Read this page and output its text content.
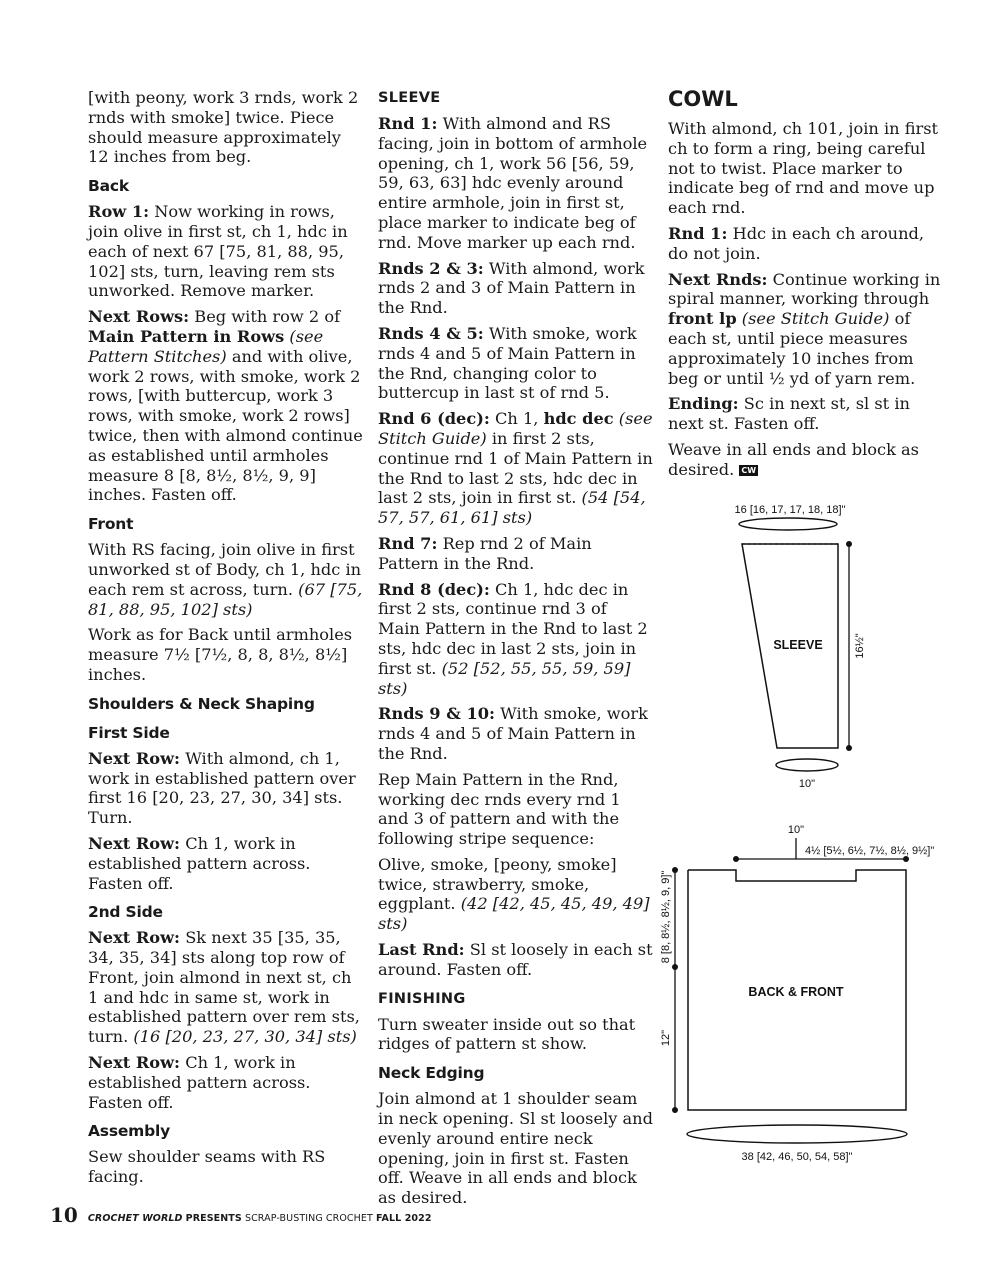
[with peony, work 3 rnds, work 2 rnds with smoke] twice. Piece should measure approximately 12 inches from beg.

Back

Row 1: Now working in rows, join olive in first st, ch 1, hdc in each of next 67 [75, 81, 88, 95, 102] sts, turn, leaving rem sts unworked. Remove marker.

Next Rows: Beg with row 2 of Main Pattern in Rows (see Pattern Stitches) and with olive, work 2 rows, with smoke, work 2 rows, [with buttercup, work 3 rows, with smoke, work 2 rows] twice, then with almond continue as established until armholes measure 8 [8, 8½, 8½, 9, 9] inches. Fasten off.

Front

With RS facing, join olive in first unworked st of Body, ch 1, hdc in each rem st across, turn. (67 [75, 81, 88, 95, 102] sts)

Work as for Back until armholes measure 7½ [7½, 8, 8, 8½, 8½] inches.

Shoulders & Neck Shaping
First Side

Next Row: With almond, ch 1, work in established pattern over first 16 [20, 23, 27, 30, 34] sts. Turn.

Next Row: Ch 1, work in established pattern across. Fasten off.

2nd Side

Next Row: Sk next 35 [35, 35, 34, 35, 34] sts along top row of Front, join almond in next st, ch 1 and hdc in same st, work in established pattern over rem sts, turn. (16 [20, 23, 27, 30, 34] sts)

Next Row: Ch 1, work in established pattern across. Fasten off.

Assembly

Sew shoulder seams with RS facing.

SLEEVE

Rnd 1: With almond and RS facing, join in bottom of armhole opening, ch 1, work 56 [56, 59, 59, 63, 63] hdc evenly around entire armhole, join in first st, place marker to indicate beg of rnd. Move marker up each rnd.

Rnds 2 & 3: With almond, work rnds 2 and 3 of Main Pattern in the Rnd.

Rnds 4 & 5: With smoke, work rnds 4 and 5 of Main Pattern in the Rnd, changing color to buttercup in last st of rnd 5.

Rnd 6 (dec): Ch 1, hdc dec (see Stitch Guide) in first 2 sts, continue rnd 1 of Main Pattern in the Rnd to last 2 sts, hdc dec in last 2 sts, join in first st. (54 [54, 57, 57, 61, 61] sts)

Rnd 7: Rep rnd 2 of Main Pattern in the Rnd.

Rnd 8 (dec): Ch 1, hdc dec in first 2 sts, continue rnd 3 of Main Pattern in the Rnd to last 2 sts, hdc dec in last 2 sts, join in first st. (52 [52, 55, 55, 59, 59] sts)

Rnds 9 & 10: With smoke, work rnds 4 and 5 of Main Pattern in the Rnd.

Rep Main Pattern in the Rnd, working dec rnds every rnd 1 and 3 of pattern and with the following stripe sequence:

Olive, smoke, [peony, smoke] twice, strawberry, smoke, eggplant. (42 [42, 45, 45, 49, 49] sts)

Last Rnd: Sl st loosely in each st around. Fasten off.

FINISHING

Turn sweater inside out so that ridges of pattern st show.

Neck Edging

Join almond at 1 shoulder seam in neck opening. Sl st loosely and evenly around entire neck opening, join in first st. Fasten off. Weave in all ends and block as desired.

COWL

With almond, ch 101, join in first ch to form a ring, being careful not to twist. Place marker to indicate beg of rnd and move up each rnd.

Rnd 1: Hdc in each ch around, do not join.

Next Rnds: Continue working in spiral manner, working through front lp (see Stitch Guide) of each st, until piece measures approximately 10 inches from beg or until ½ yd of yarn rem.

Ending: Sc in next st, sl st in next st. Fasten off.

Weave in all ends and block as desired. CW

16 [16, 17, 17, 18, 18]"
SLEEVE	16½"
10"
10"
4½ [5½, 6½, 7½, 8½, 9½]"
BACK & FRONT
8 [8, 8½, 8½, 9, 9]"
12"
38 [42, 46, 50, 54, 58]"
10 CROCHET WORLD PRESENTS SCRAP-BUSTING CROCHET FALL 2022
